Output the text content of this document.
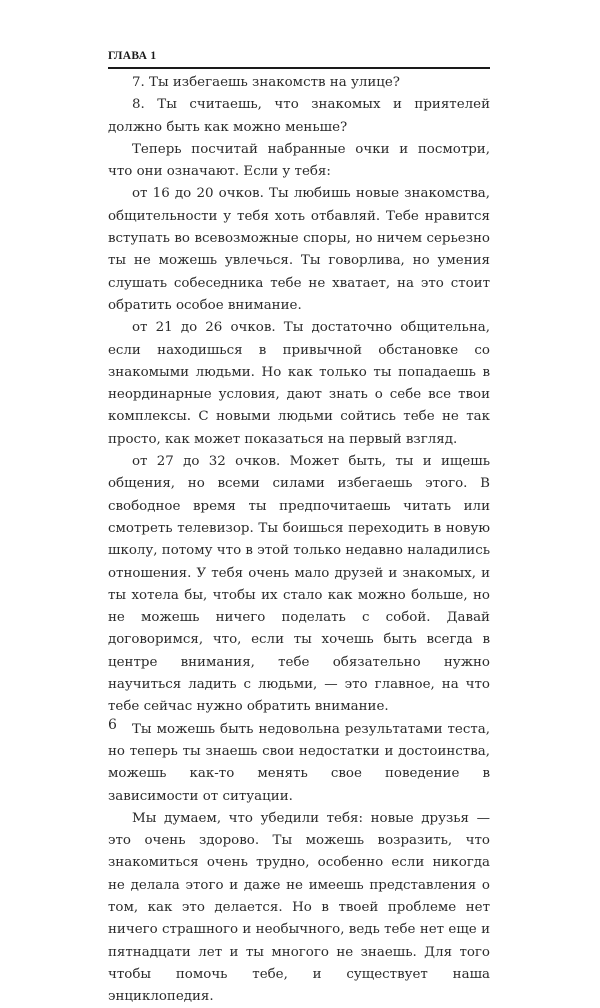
ГЛАВА 1

7. Ты избегаешь знакомств на улице?

8. Ты считаешь, что знакомых и приятелей должно быть как можно меньше?

Теперь посчитай набранные очки и посмотри, что они означают. Если у тебя:

от 16 до 20 очков. Ты любишь новые знакомства, общительности у тебя хоть отбавляй. Тебе нравится вступать во всевозможные споры, но ничем серьезно ты не можешь увлечься. Ты говорлива, но умения слушать собеседника тебе не хватает, на это стоит обратить особое внимание.

от 21 до 26 очков. Ты достаточно общительна, если находишься в привычной обстановке со знакомыми людьми. Но как только ты попадаешь в неординарные условия, дают знать о себе все твои комплексы. С новыми людьми сойтись тебе не так просто, как может показаться на первый взгляд.

от 27 до 32 очков. Может быть, ты и ищешь общения, но всеми силами избегаешь этого. В свободное время ты предпочитаешь читать или смотреть телевизор. Ты боишься переходить в новую школу, потому что в этой только недавно наладились отношения. У тебя очень мало друзей и знакомых, и ты хотела бы, чтобы их стало как можно больше, но не можешь ничего поделать с собой. Давай договоримся, что, если ты хочешь быть всегда в центре внимания, тебе обязательно нужно научиться ладить с людьми, — это главное, на что тебе сейчас нужно обратить внимание.

Ты можешь быть недовольна результатами теста, но теперь ты знаешь свои недостатки и достоинства, можешь как-то менять свое поведение в зависимости от ситуации.

Мы думаем, что убедили тебя: новые друзья — это очень здорово. Ты можешь возразить, что знакомиться очень трудно, особенно если никогда не делала этого и даже не имеешь представления о том, как это делается. Но в твоей проблеме нет ничего страшного и необычного, ведь тебе нет еще и пятнадцати лет и ты многого не знаешь. Для того чтобы помочь тебе, и существует наша энциклопедия.

6
